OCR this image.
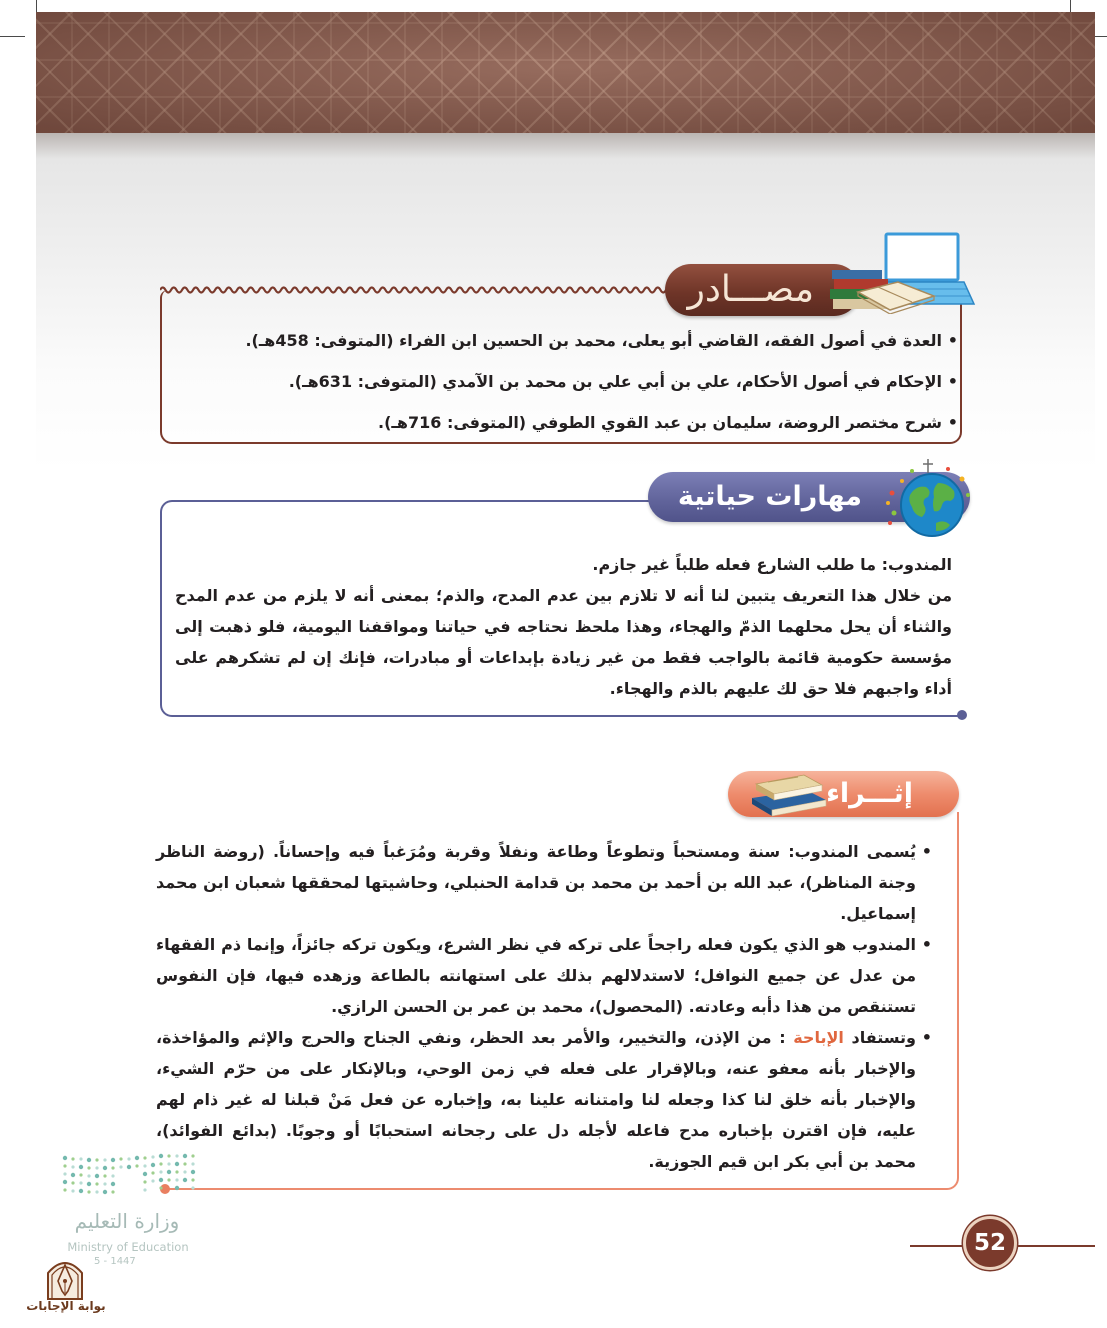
مصـــادر
• العدة في أصول الفقه، القاضي أبو يعلى، محمد بن الحسين ابن الفراء (المتوفى: 458هـ).
• الإحكام في أصول الأحكام، علي بن أبي علي بن محمد بن الآمدي (المتوفى: 631هـ).
• شرح مختصر الروضة، سليمان بن عبد القوي الطوفي (المتوفى: 716هـ).
مهارات حياتية

المندوب: ما طلب الشارع فعله طلباً غير جازم.

من خلال هذا التعريف يتبين لنا أنه لا تلازم بين عدم المدح، والذم؛ بمعنى أنه لا يلزم من عدم المدح والثناء أن يحل محلهما الذمّ والهجاء، وهذا ملحظ نحتاجه في حياتنا ومواقفنا اليومية، فلو ذهبت إلى مؤسسة حكومية قائمة بالواجب فقط من غير زيادة بإبداعات أو مبادرات، فإنك إن لم تشكرهم على أداء واجبهم فلا حق لك عليهم بالذم والهجاء.

إثـــراء
• يُسمى المندوب: سنة ومستحباً وتطوعاً وطاعة ونفلاً وقربة ومُرَغباً فيه وإحساناً. (روضة الناظر وجنة المناظر)، عبد الله بن أحمد بن محمد بن قدامة الحنبلي، وحاشيتها لمحققها شعبان ابن محمد إسماعيل.
• المندوب هو الذي يكون فعله راجحاً على تركه في نظر الشرع، ويكون تركه جائزاً، وإنما ذم الفقهاء من عدل عن جميع النوافل؛ لاستدلالهم بذلك على استهانته بالطاعة وزهده فيها، فإن النفوس تستنقص من هذا دأبه وعادته. (المحصول)، محمد بن عمر بن الحسن الرازي.
• وتستفاد الإباحة : من الإذن، والتخيير، والأمر بعد الحظر، ونفي الجناح والحرج والإثم والمؤاخذة، والإخبار بأنه معفو عنه، وبالإقرار على فعله في زمن الوحي، وبالإنكار على من حرّم الشيء، والإخبار بأنه خلق لنا كذا وجعله لنا وامتنانه علينا به، وإخباره عن فعل مَنْ قبلنا له غير ذام لهم عليه، فإن اقترن بإخباره مدح فاعله لأجله دل على رجحانه استحبابًا أو وجوبًا. (بدائع الفوائد)، محمد بن أبي بكر ابن قيم الجوزية.
52
وزارة التعليم
Ministry of Education
5 - 1447
بوابة الإجابات
